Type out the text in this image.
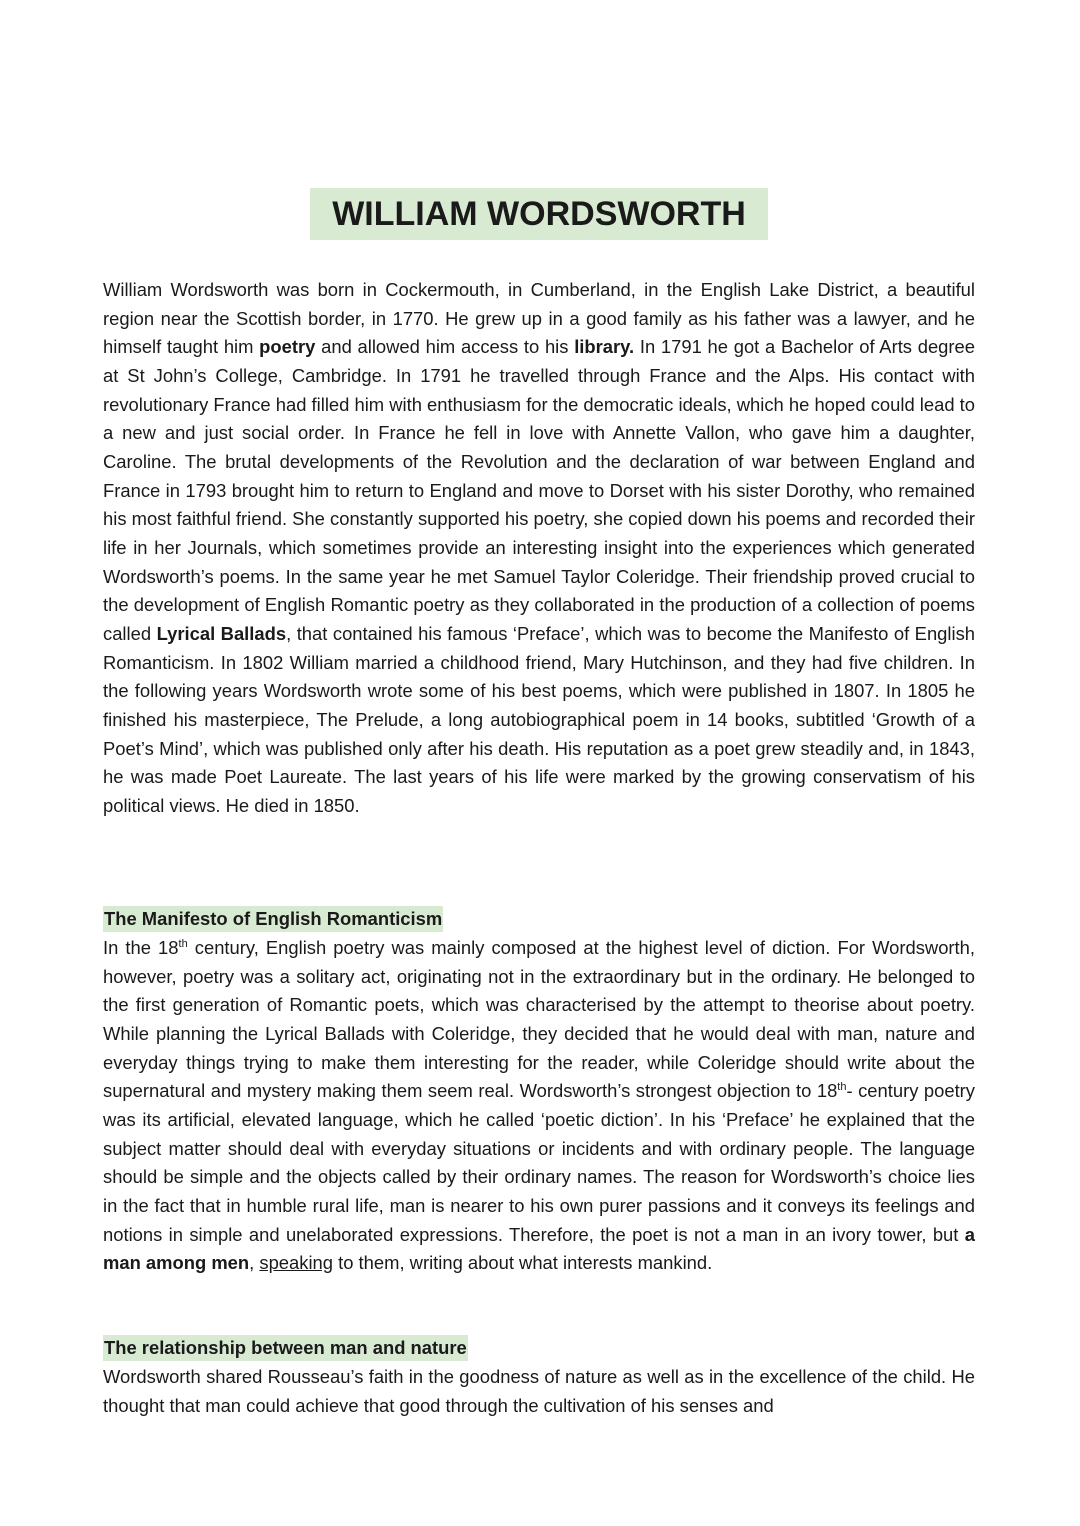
WILLIAM WORDSWORTH

William Wordsworth was born in Cockermouth, in Cumberland, in the English Lake District, a beautiful region near the Scottish border, in 1770. He grew up in a good family as his father was a lawyer, and he himself taught him poetry and allowed him access to his library. In 1791 he got a Bachelor of Arts degree at St John’s College, Cambridge. In 1791 he travelled through France and the Alps. His contact with revolutionary France had filled him with enthusiasm for the democratic ideals, which he hoped could lead to a new and just social order. In France he fell in love with Annette Vallon, who gave him a daughter, Caroline. The brutal developments of the Revolution and the declaration of war between England and France in 1793 brought him to return to England and move to Dorset with his sister Dorothy, who remained his most faithful friend. She constantly supported his poetry, she copied down his poems and recorded their life in her Journals, which sometimes provide an interesting insight into the experiences which generated Wordsworth’s poems. In the same year he met Samuel Taylor Coleridge. Their friendship proved crucial to the development of English Romantic poetry as they collaborated in the production of a collection of poems called Lyrical Ballads, that contained his famous ‘Preface’, which was to become the Manifesto of English Romanticism. In 1802 William married a childhood friend, Mary Hutchinson, and they had five children. In the following years Wordsworth wrote some of his best poems, which were published in 1807. In 1805 he finished his masterpiece, The Prelude, a long autobiographical poem in 14 books, subtitled ‘Growth of a Poet’s Mind’, which was published only after his death. His reputation as a poet grew steadily and, in 1843, he was made Poet Laureate. The last years of his life were marked by the growing conservatism of his political views. He died in 1850.

The Manifesto of English Romanticism

In the 18th century, English poetry was mainly composed at the highest level of diction. For Wordsworth, however, poetry was a solitary act, originating not in the extraordinary but in the ordinary. He belonged to the first generation of Romantic poets, which was characterised by the attempt to theorise about poetry. While planning the Lyrical Ballads with Coleridge, they decided that he would deal with man, nature and everyday things trying to make them interesting for the reader, while Coleridge should write about the supernatural and mystery making them seem real. Wordsworth’s strongest objection to 18th- century poetry was its artificial, elevated language, which he called ‘poetic diction’. In his ‘Preface’ he explained that the subject matter should deal with everyday situations or incidents and with ordinary people. The language should be simple and the objects called by their ordinary names. The reason for Wordsworth’s choice lies in the fact that in humble rural life, man is nearer to his own purer passions and it conveys its feelings and notions in simple and unelaborated expressions. Therefore, the poet is not a man in an ivory tower, but a man among men, speaking to them, writing about what interests mankind.

The relationship between man and nature

Wordsworth shared Rousseau’s faith in the goodness of nature as well as in the excellence of the child. He thought that man could achieve that good through the cultivation of his senses and
